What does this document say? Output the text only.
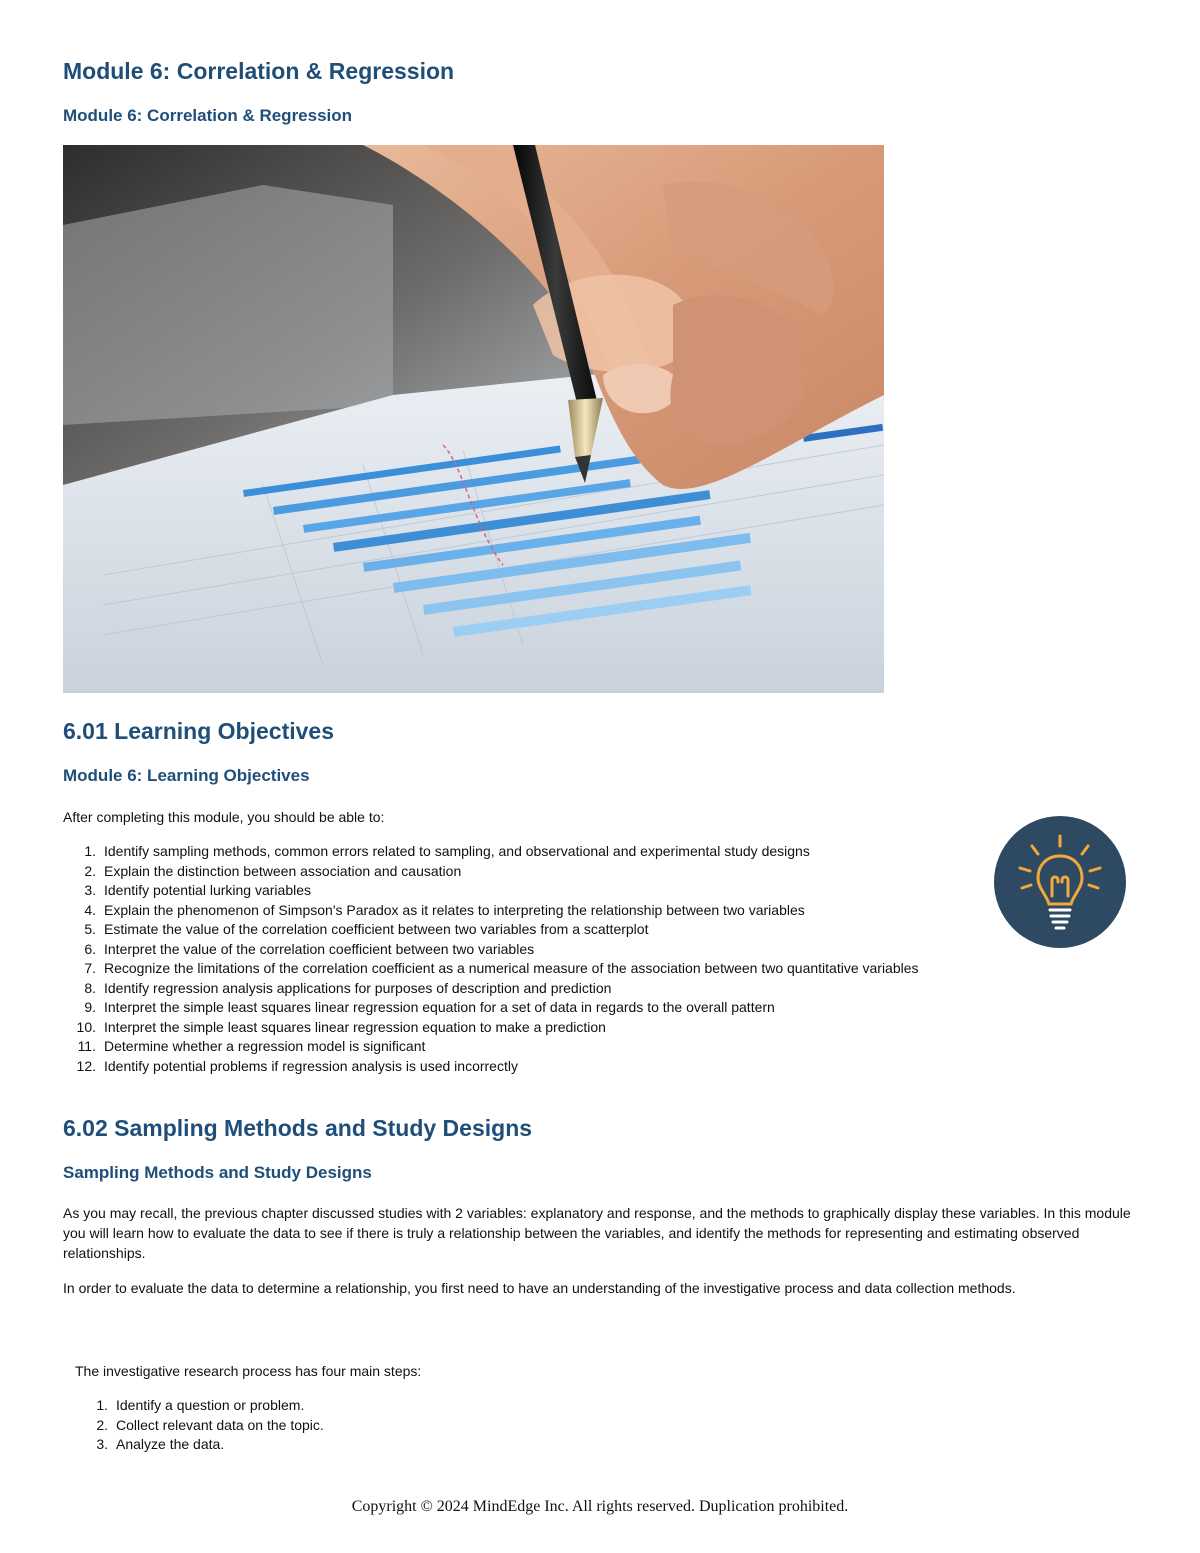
Module 6: Correlation & Regression
Module 6: Correlation & Regression
6.01 Learning Objectives
Module 6: Learning Objectives

After completing this module, you should be able to:

1. Identify sampling methods, common errors related to sampling, and observational and experimental study designs
2. Explain the distinction between association and causation
3. Identify potential lurking variables
4. Explain the phenomenon of Simpson's Paradox as it relates to interpreting the relationship between two variables
5. Estimate the value of the correlation coefficient between two variables from a scatterplot
6. Interpret the value of the correlation coefficient between two variables
7. Recognize the limitations of the correlation coefficient as a numerical measure of the association between two quantitative variables
8. Identify regression analysis applications for purposes of description and prediction
9. Interpret the simple least squares linear regression equation for a set of data in regards to the overall pattern
10. Interpret the simple least squares linear regression equation to make a prediction
11. Determine whether a regression model is significant
12. Identify potential problems if regression analysis is used incorrectly
6.02 Sampling Methods and Study Designs
Sampling Methods and Study Designs

As you may recall, the previous chapter discussed studies with 2 variables: explanatory and response, and the methods to graphically display these variables. In this module you will learn how to evaluate the data to see if there is truly a relationship between the variables, and identify the methods for representing and estimating observed relationships.

In order to evaluate the data to determine a relationship, you first need to have an understanding of the investigative process and data collection methods.

The investigative research process has four main steps:

1. Identify a question or problem.
2. Collect relevant data on the topic.
3. Analyze the data.
Copyright © 2024 MindEdge Inc. All rights reserved. Duplication prohibited.
